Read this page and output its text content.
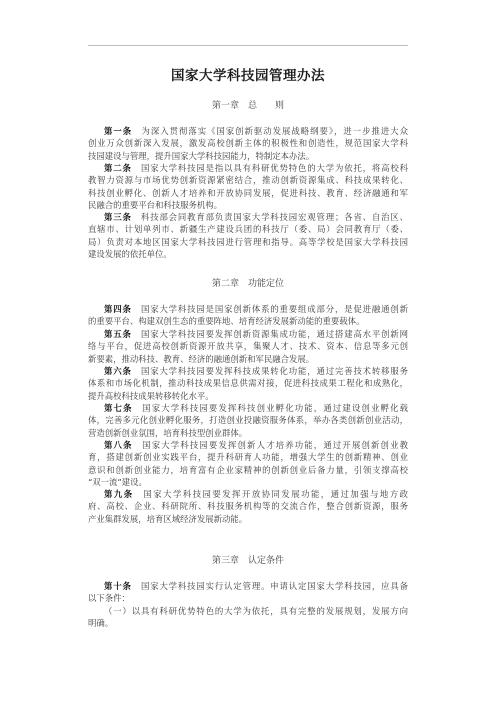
国家大学科技园管理办法

第一章　总　　则

第一条　 为深入贯彻落实《国家创新驱动发展战略纲要》，进一步推进大众
创业万众创新深入发展，激发高校创新主体的积极性和创造性，规范国家大学科
技园建设与管理，提升国家大学科技园能力，特制定本办法。
第二条　 国家大学科技园是指以具有科研优势特色的大学为依托，将高校科
教智力资源与市场优势创新资源紧密结合，推动创新资源集成、科技成果转化、
科技创业孵化、创新人才培养和开放协同发展，促进科技、教育、经济融通和军
民融合的重要平台和科技服务机构。
第三条　 科技部会同教育部负责国家大学科技园宏观管理；各省、自治区、
直辖市、计划单列市、新疆生产建设兵团的科技厅（委、局）会同教育厅（委、
局）负责对本地区国家大学科技园进行管理和指导。高等学校是国家大学科技园
建设发展的依托单位。

第二章　功能定位

第四条　 国家大学科技园是国家创新体系的重要组成部分，是促进融通创新
的重要平台、构建双创生态的重要阵地、培育经济发展新动能的重要载体。
第五条　 国家大学科技园要发挥创新资源集成功能，通过搭建高水平创新网
络与平台，促进高校创新资源开放共享，集聚人才、技术、资本、信息等多元创
新要素，推动科技、教育、经济的融通创新和军民融合发展。
第六条　 国家大学科技园要发挥科技成果转化功能，通过完善技术转移服务
体系和市场化机制，推动科技成果信息供需对接，促进科技成果工程化和成熟化，
提升高校科技成果转移转化水平。
第七条　 国家大学科技园要发挥科技创业孵化功能，通过建设创业孵化载
体，完善多元化创业孵化服务，打造创业投融资服务体系，举办各类创新创业活动，
营造创新创业氛围，培育科技型创业群体。
第八条　 国家大学科技园要发挥创新人才培养功能，通过开展创新创业教
育，搭建创新创业实践平台，提升科研育人功能，增强大学生的创新精神、创业
意识和创新创业能力，培育富有企业家精神的创新创业后备力量，引领支撑高校
“双一流”建设。
第九条　 国家大学科技园要发挥开放协同发展功能，通过加强与地方政
府、高校、企业、科研院所、科技服务机构等的交流合作，整合创新资源，服务
产业集群发展，培育区域经济发展新动能。

第三章　认定条件

第十条　 国家大学科技园实行认定管理。申请认定国家大学科技园，应具备
以下条件：
（一）以具有科研优势特色的大学为依托，具有完整的发展规划，发展方向
明确。
